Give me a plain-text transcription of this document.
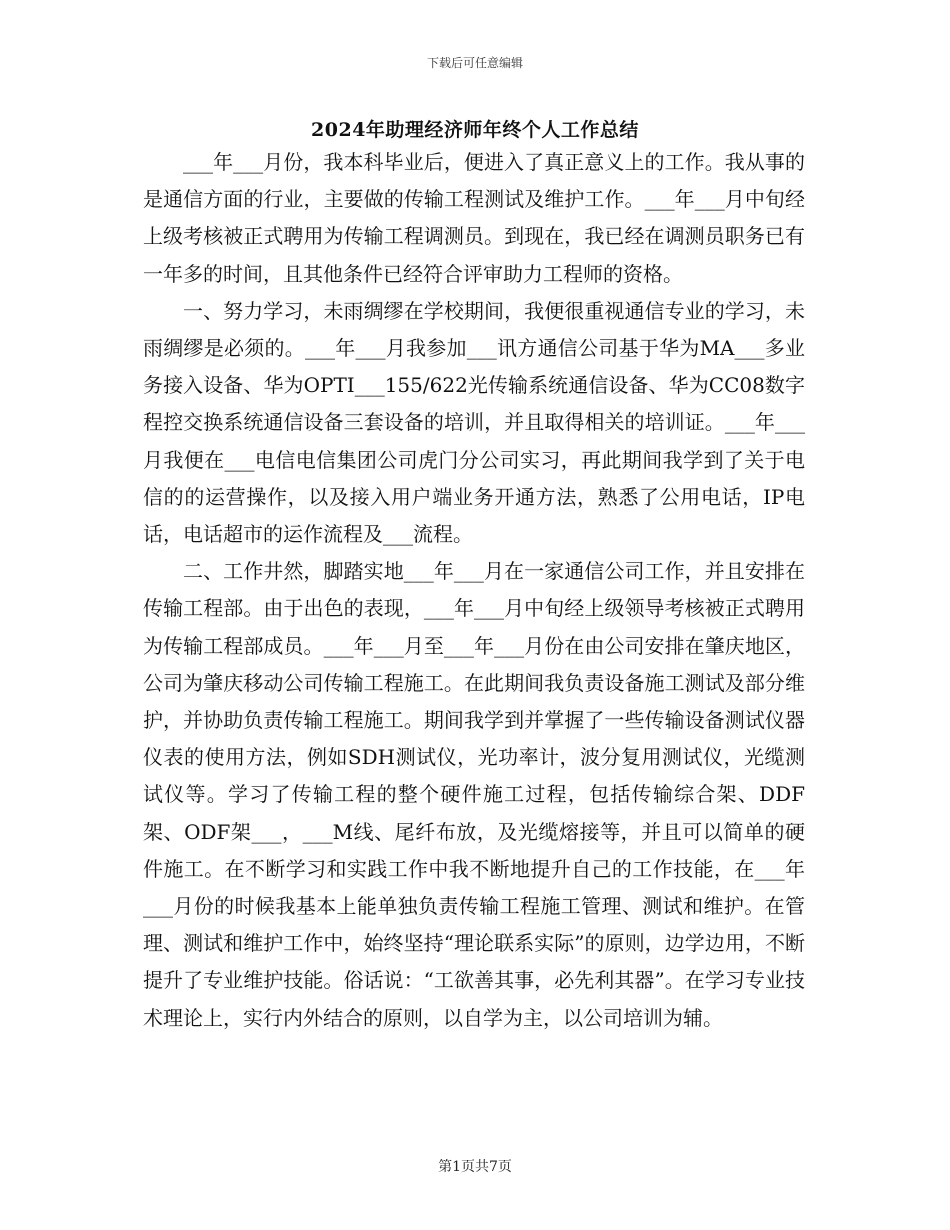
下载后可任意编辑
2024年助理经济师年终个人工作总结

___年___月份，我本科毕业后，便进入了真正意义上的工作。我从事的是通信方面的行业，主要做的传输工程测试及维护工作。___年___月中旬经上级考核被正式聘用为传输工程调测员。到现在，我已经在调测员职务已有一年多的时间，且其他条件已经符合评审助力工程师的资格。

一、努力学习，未雨绸缪在学校期间，我便很重视通信专业的学习，未雨绸缪是必须的。___年___月我参加___讯方通信公司基于华为MA___多业务接入设备、华为OPTI___155/622光传输系统通信设备、华为CC08数字程控交换系统通信设备三套设备的培训，并且取得相关的培训证。___年___月我便在___电信电信集团公司虎门分公司实习，再此期间我学到了关于电信的的运营操作，以及接入用户端业务开通方法，熟悉了公用电话，IP电话，电话超市的运作流程及___流程。

二、工作井然，脚踏实地___年___月在一家通信公司工作，并且安排在传输工程部。由于出色的表现，___年___月中旬经上级领导考核被正式聘用为传输工程部成员。___年___月至___年___月份在由公司安排在肇庆地区，公司为肇庆移动公司传输工程施工。在此期间我负责设备施工测试及部分维护，并协助负责传输工程施工。期间我学到并掌握了一些传输设备测试仪器仪表的使用方法，例如SDH测试仪，光功率计，波分复用测试仪，光缆测试仪等。学习了传输工程的整个硬件施工过程，包括传输综合架、DDF架、ODF架___，___M线、尾纤布放，及光缆熔接等，并且可以简单的硬件施工。在不断学习和实践工作中我不断地提升自己的工作技能，在___年___月份的时候我基本上能单独负责传输工程施工管理、测试和维护。在管理、测试和维护工作中，始终坚持“理论联系实际”的原则，边学边用，不断提升了专业维护技能。俗话说：“工欲善其事，必先利其器”。在学习专业技术理论上，实行内外结合的原则，以自学为主，以公司培训为辅。

第1页共7页
